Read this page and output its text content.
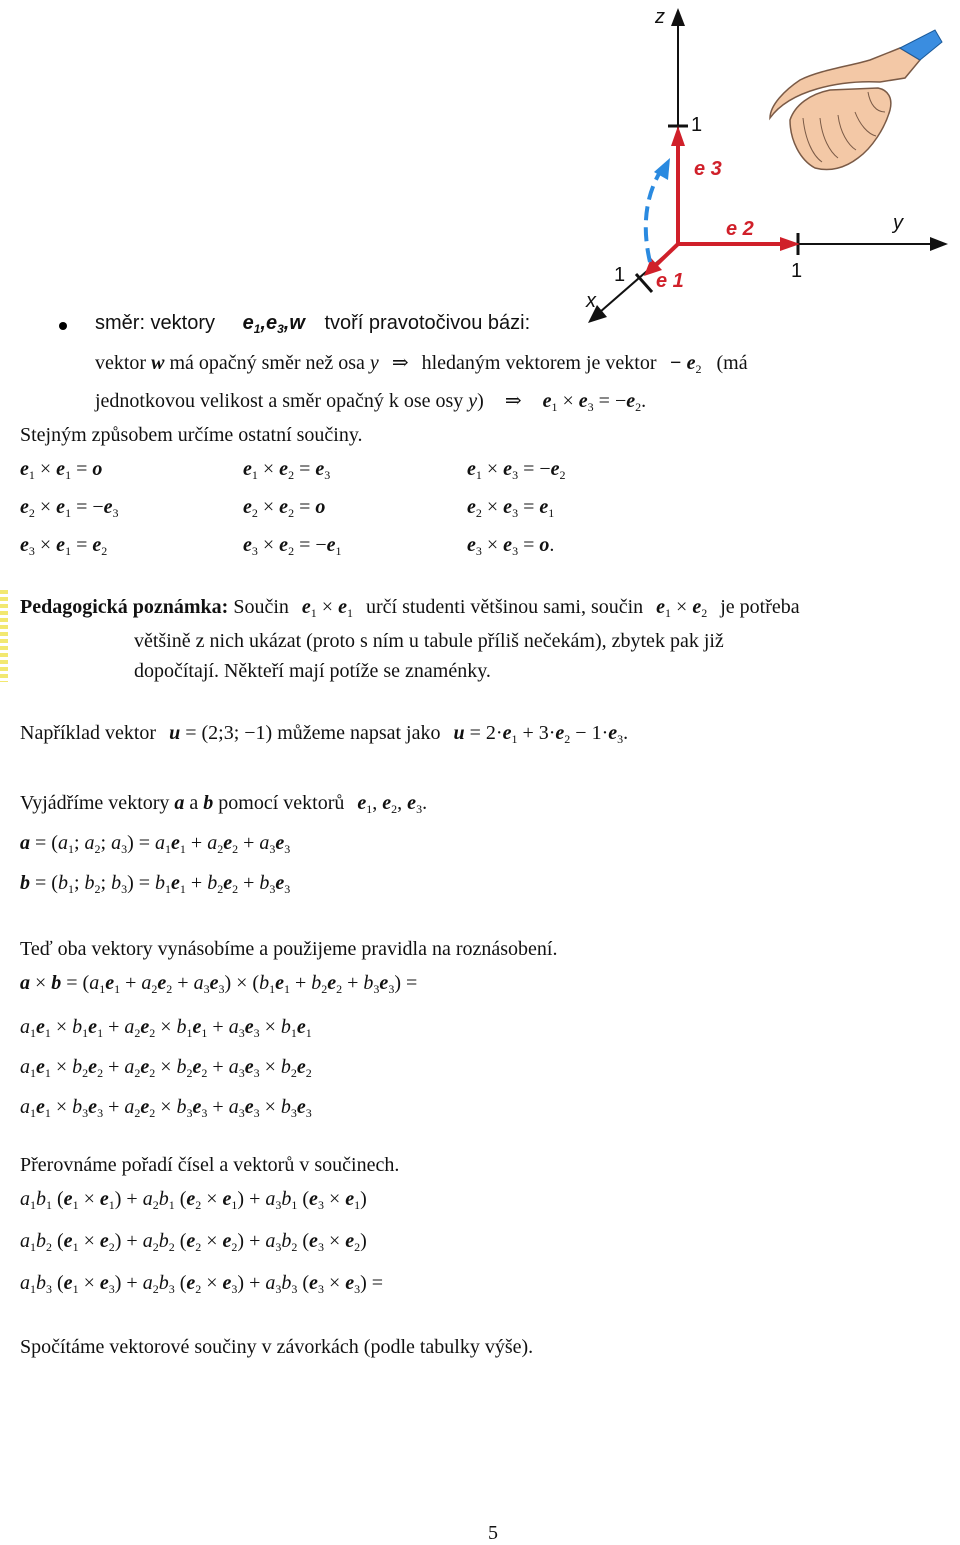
z
y
x
1
1
1
e 3
e 2
e 1
směr: vektory $e_1,e_3,w$ tvoří pravotočivou bázi:
vektor w má opačný směr než osa y ⇒ hledaným vektorem je vektor − $e_2$ (má
jednotkovou velikost a směr opačný k ose osy y) ⇒ $e_1 \times e_3 = -e_2$.
Stejným způsobem určíme ostatní součiny.
$e_1 \times e_1 = o$	$e_1 \times e_2 = e_3$	$e_1 \times e_3 = -e_2$
$e_2 \times e_1 = -e_3$	$e_2 \times e_2 = o$	$e_2 \times e_3 = e_1$
$e_3 \times e_1 = e_2$	$e_3 \times e_2 = -e_1$	$e_3 \times e_3 = o$.
Pedagogická poznámka: Součin $e_1 \times e_1$ určí studenti většinou sami, součin $e_1 \times e_2$ je potřeba
většině z nich ukázat (proto s ním u tabule příliš nečekám), zbytek pak již
dopočítají. Někteří mají potíže se znaménky.
Například vektor u = (2;3; −1) můžeme napsat jako $u = 2\cdot e_1 + 3\cdot e_2 - 1\cdot e_3$.
Vyjádříme vektory a a b pomocí vektorů $e_1$, $e_2$, $e_3$.
$a = (a_1$; $a_2$; $a_3) = a_1e_1 + a_2e_2 + a_3e_3$
$b = (b_1$; $b_2$; $b_3) = b_1e_1 + b_2e_2 + b_3e_3$
Teď oba vektory vynásobíme a použijeme pravidla na roznásobení.
$a \times b = (a_1e_1 + a_2e_2 + a_3e_3) \times (b_1e_1 + b_2e_2 + b_3e_3)$ =
$a_1e_1 \times b_1e_1 + a_2e_2 \times b_1e_1 + a_3e_3 \times b_1e_1$
$a_1e_1 \times b_2e_2 + a_2e_2 \times b_2e_2 + a_3e_3 \times b_2e_2$
$a_1e_1 \times b_3e_3 + a_2e_2 \times b_3e_3 + a_3e_3 \times b_3e_3$
Přerovnáme pořadí čísel a vektorů v součinech.
$a_1b_1$ $(e_1 \times e_1) + a_2b_1$ $(e_2 \times e_1) + a_3b_1$ $(e_3 \times e_1)$
$a_1b_2$ $(e_1 \times e_2) + a_2b_2$ $(e_2 \times e_2) + a_3b_2$ $(e_3 \times e_2)$
$a_1b_3$ $(e_1 \times e_3) + a_2b_3$ $(e_2 \times e_3) + a_3b_3$ $(e_3 \times e_3)$ =
Spočítáme vektorové součiny v závorkách (podle tabulky výše).
5
